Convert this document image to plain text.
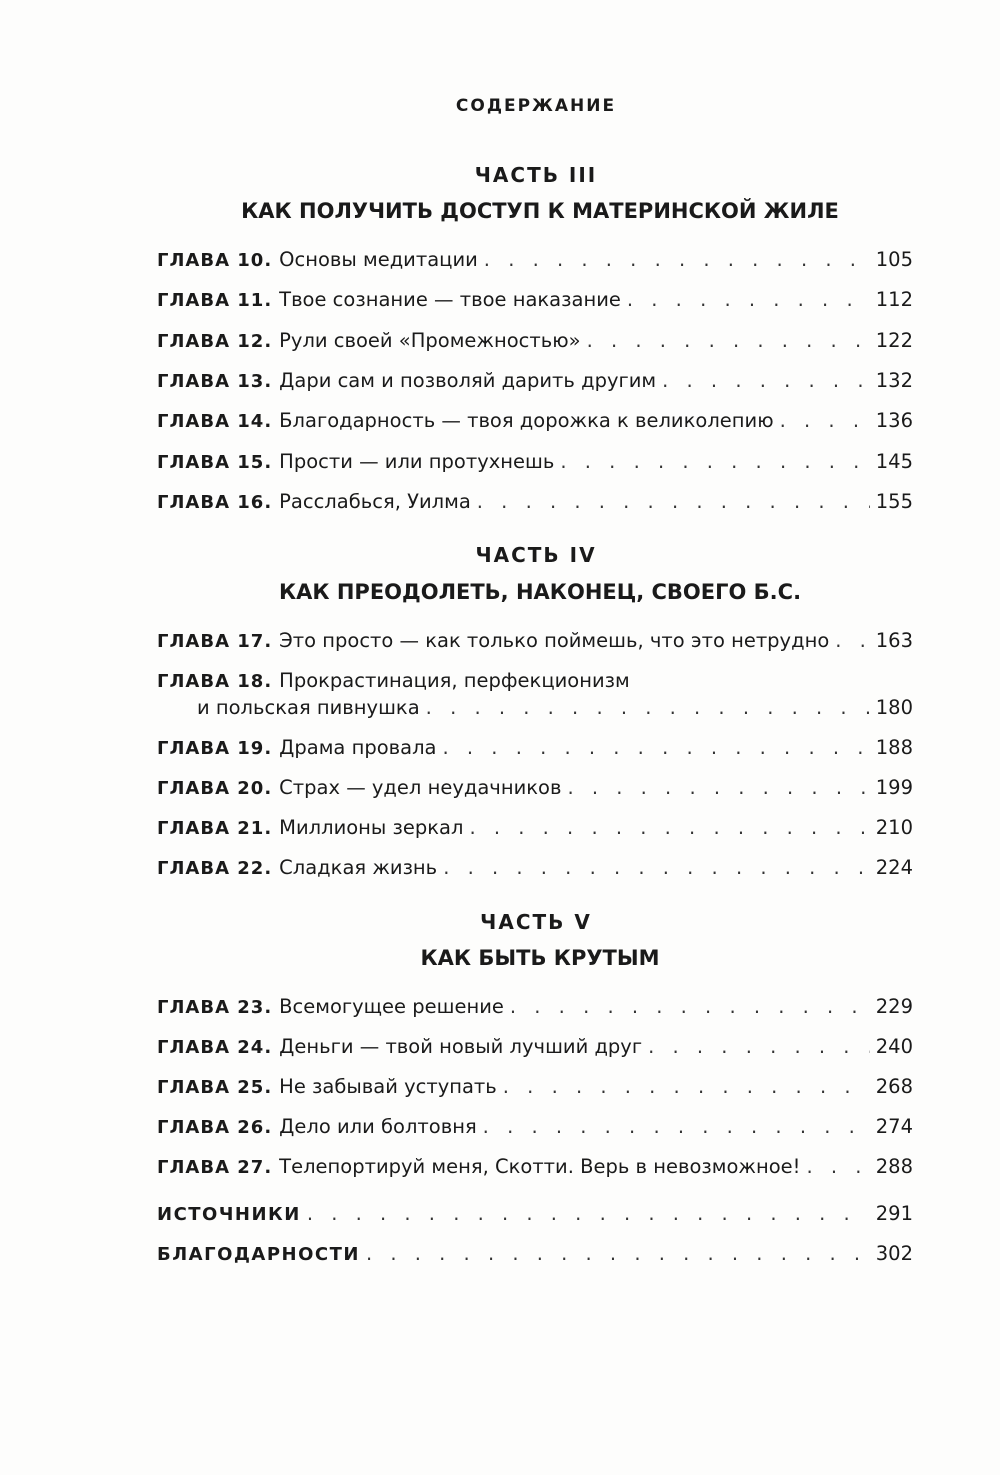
СОДЕРЖАНИЕ
ЧАСТЬ III
КАК ПОЛУЧИТЬ ДОСТУП К МАТЕРИНСКОЙ ЖИЛЕ
ГЛАВА 10. Основы медитации . . .	105
ГЛАВА 11. Твое сознание — твое наказание . . .	112
ГЛАВА 12. Рули своей «Промежностью» . . .	122
ГЛАВА 13. Дари сам и позволяй дарить другим . . .	132
ГЛАВА 14. Благодарность — твоя дорожка к великолепию . . .	136
ГЛАВА 15. Прости — или протухнешь . . .	145
ГЛАВА 16. Расслабься, Уилма . . .	155
ЧАСТЬ IV
КАК ПРЕОДОЛЕТЬ, НАКОНЕЦ, СВОЕГО Б.С.
ГЛАВА 17. Это просто — как только поймешь, что это нетрудно . . . 163
ГЛАВА 18. Прокрастинация, перфекционизм
и польская пивнушка . . .	180
ГЛАВА 19. Драма провала . . .	188
ГЛАВА 20. Страх — удел неудачников . . .	199
ГЛАВА 21. Миллионы зеркал . . .	210
ГЛАВА 22. Сладкая жизнь . . .	224
ЧАСТЬ V
КАК БЫТЬ КРУТЫМ
ГЛАВА 23. Всемогущее решение . . .	229
ГЛАВА 24. Деньги — твой новый лучший друг . . .	240
ГЛАВА 25. Не забывай уступать . . .	268
ГЛАВА 26. Дело или болтовня . . .	274
ГЛАВА 27. Телепортируй меня, Скотти. Верь в невозможное! . . .	288
ИСТОЧНИКИ . . .	291
БЛАГОДАРНОСТИ . . .	302
